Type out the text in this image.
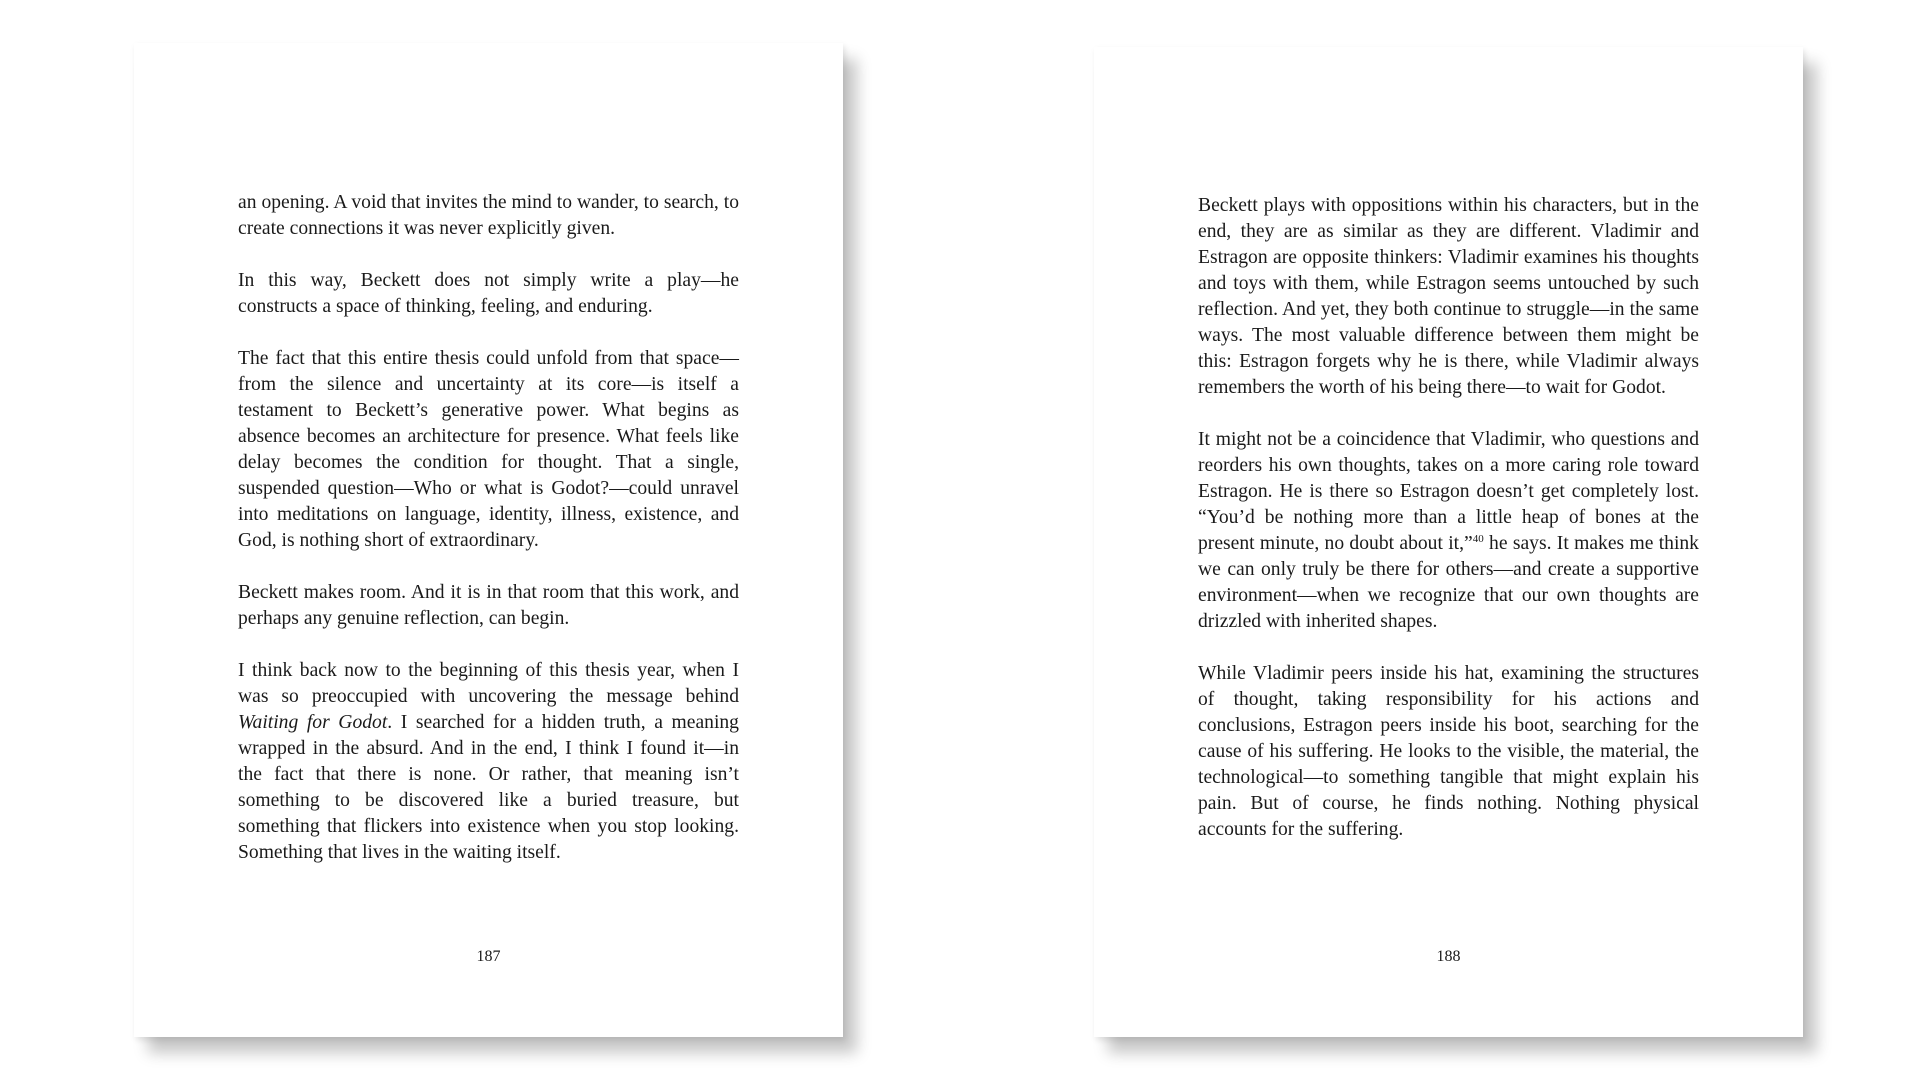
an opening. A void that invites the mind to wander, to search, to create connections it was never explicitly given.

In this way, Beckett does not simply write a play—he constructs a space of thinking, feeling, and enduring.

The fact that this entire thesis could unfold from that space—from the silence and uncertainty at its core—is itself a testament to Beckett’s generative power. What begins as absence becomes an architecture for presence. What feels like delay becomes the condition for thought. That a single, suspended question—Who or what is Godot?—could unravel into meditations on language, identity, illness, existence, and God, is nothing short of extraordinary.

Beckett makes room. And it is in that room that this work, and perhaps any genuine reflection, can begin.

I think back now to the beginning of this thesis year, when I was so preoccupied with uncovering the message behind Waiting for Godot. I searched for a hidden truth, a meaning wrapped in the absurd. And in the end, I think I found it—in the fact that there is none. Or rather, that meaning isn’t something to be discovered like a buried treasure, but something that flickers into existence when you stop looking. Something that lives in the waiting itself.

187

Beckett plays with oppositions within his characters, but in the end, they are as similar as they are different. Vladimir and Estragon are opposite thinkers: Vladimir examines his thoughts and toys with them, while Estragon seems untouched by such reflection. And yet, they both continue to struggle—in the same ways. The most valuable difference between them might be this: Estragon forgets why he is there, while Vladimir always remembers the worth of his being there—to wait for Godot.

It might not be a coincidence that Vladimir, who questions and reorders his own thoughts, takes on a more caring role toward Estragon. He is there so Estragon doesn’t get completely lost. “You’d be nothing more than a little heap of bones at the present minute, no doubt about it,”$^{40}$ he says. It makes me think we can only truly be there for others—and create a supportive environment—when we recognize that our own thoughts are drizzled with inherited shapes.

While Vladimir peers inside his hat, examining the structures of thought, taking responsibility for his actions and conclusions, Estragon peers inside his boot, searching for the cause of his suffering. He looks to the visible, the material, the technological—to something tangible that might explain his pain. But of course, he finds nothing. Nothing physical accounts for the suffering.

188
